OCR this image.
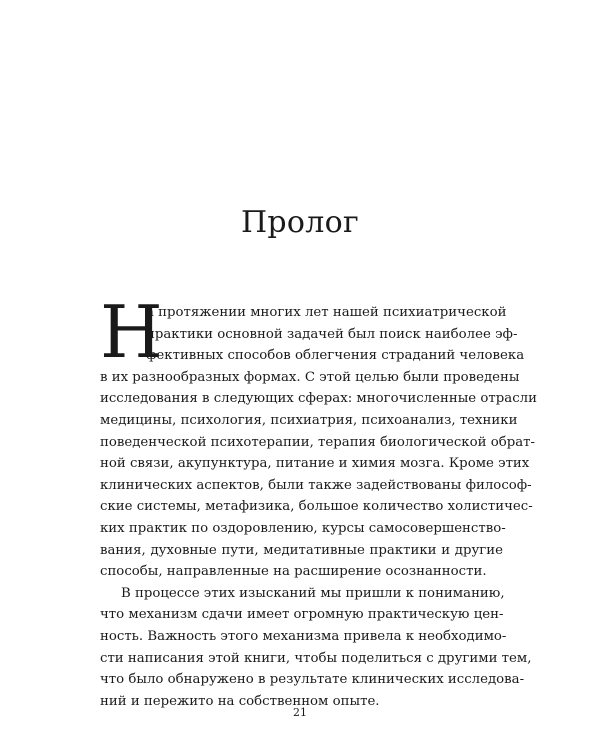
Пролог
Н
а протяжении многих лет нашей психиатрической
практики основной задачей был поиск наиболее эф-
фективных способов облегчения страданий человека
в их разнообразных формах. С этой целью были проведены
исследования в следующих сферах: многочисленные отрасли
медицины, психология, психиатрия, психоанализ, техники
поведенческой психотерапии, терапия биологической обрат-
ной связи, акупунктура, питание и химия мозга. Кроме этих
клинических аспектов, были также задействованы философ-
ские системы, метафизика, большое количество холистичес-
ких практик по оздоровлению, курсы самосовершенство-
вания, духовные пути, медитативные практики и другие
способы, направленные на расширение осознанности.
В процессе этих изысканий мы пришли к пониманию,
что механизм сдачи имеет огромную практическую цен-
ность. Важность этого механизма привела к необходимо-
сти написания этой книги, чтобы поделиться с другими тем,
что было обнаружено в результате клинических исследова-
ний и пережито на собственном опыте.
21
